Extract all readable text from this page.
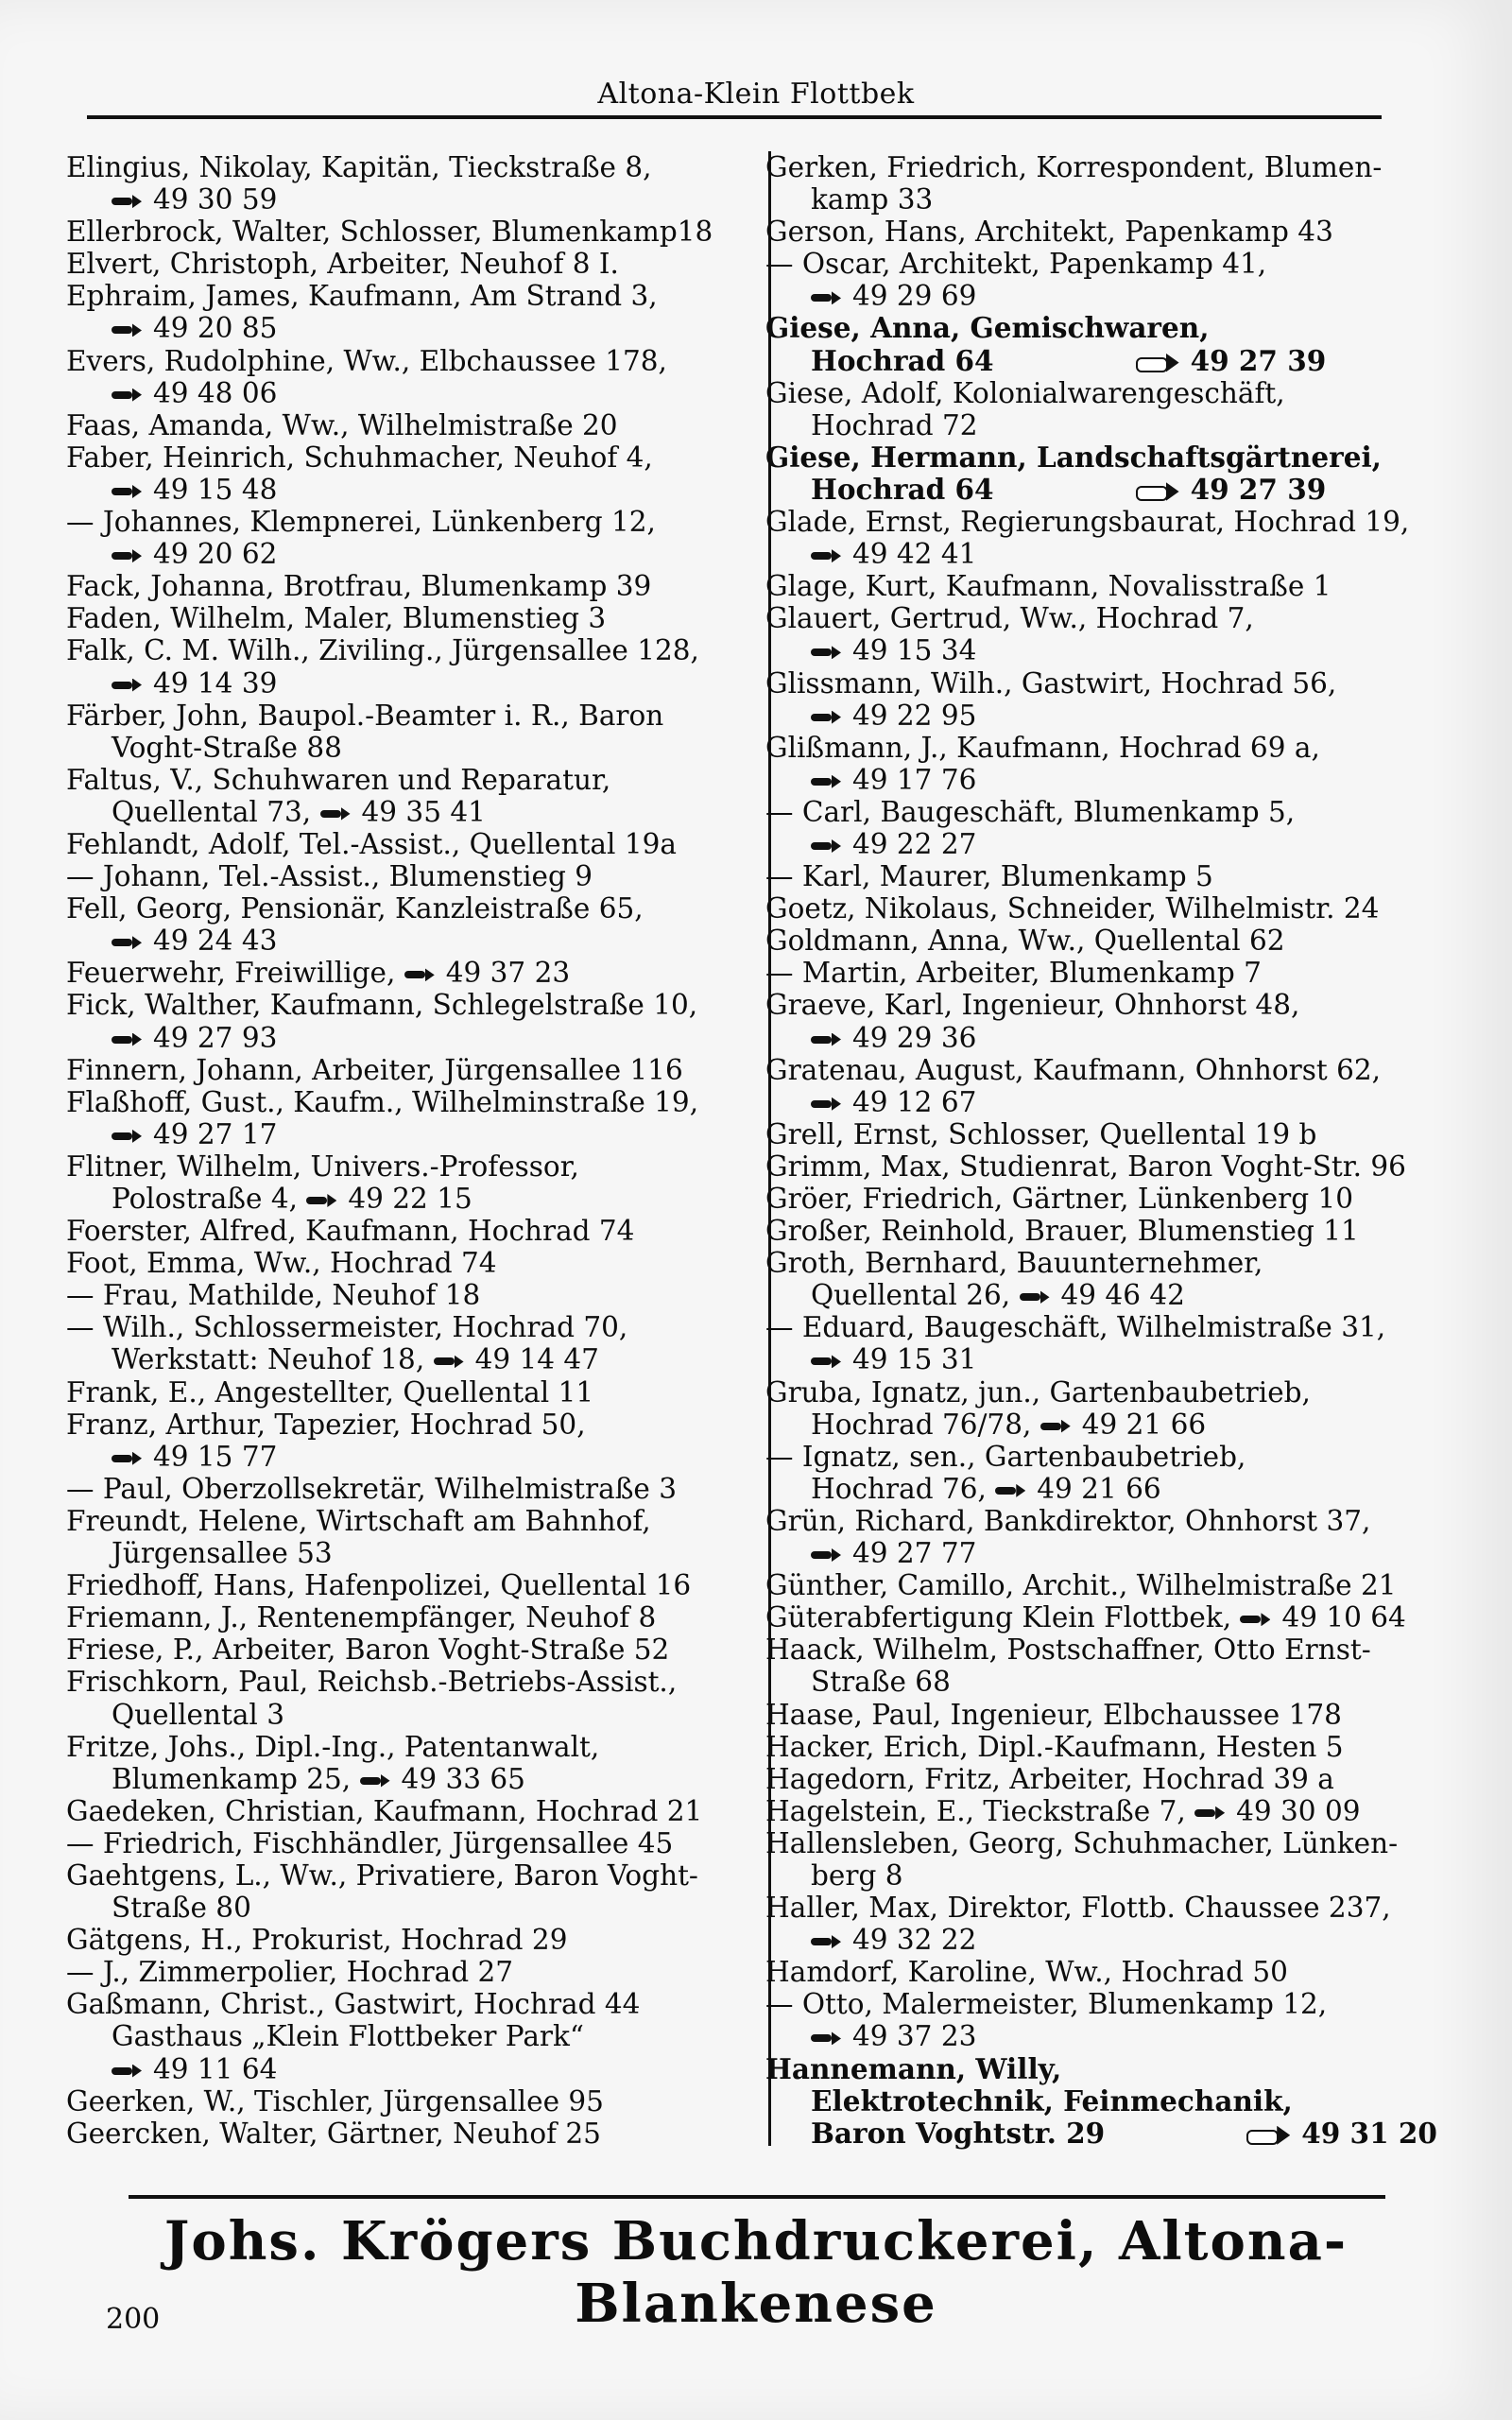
Altona-Klein Flottbek
Elingius, Nikolay, Kapitän, Tieckstraße 8,
49 30 59
Ellerbrock, Walter, Schlosser, Blumenkamp18
Elvert, Christoph, Arbeiter, Neuhof 8 I.
Ephraim, James, Kaufmann, Am Strand 3,
49 20 85
Evers, Rudolphine, Ww., Elbchaussee 178,
49 48 06
Faas, Amanda, Ww., Wilhelmistraße 20
Faber, Heinrich, Schuhmacher, Neuhof 4,
49 15 48
— Johannes, Klempnerei, Lünkenberg 12,
49 20 62
Fack, Johanna, Brotfrau, Blumenkamp 39
Faden, Wilhelm, Maler, Blumenstieg 3
Falk, C. M. Wilh., Ziviling., Jürgensallee 128,
49 14 39
Färber, John, Baupol.-Beamter i. R., Baron
Voght-Straße 88
Faltus, V., Schuhwaren und Reparatur,
Quellental 73, 49 35 41
Fehlandt, Adolf, Tel.-Assist., Quellental 19a
— Johann, Tel.-Assist., Blumenstieg 9
Fell, Georg, Pensionär, Kanzleistraße 65,
49 24 43
Feuerwehr, Freiwillige, 49 37 23
Fick, Walther, Kaufmann, Schlegelstraße 10,
49 27 93
Finnern, Johann, Arbeiter, Jürgensallee 116
Flaßhoff, Gust., Kaufm., Wilhelminstraße 19,
49 27 17
Flitner, Wilhelm, Univers.-Professor,
Polostraße 4, 49 22 15
Foerster, Alfred, Kaufmann, Hochrad 74
Foot, Emma, Ww., Hochrad 74
— Frau, Mathilde, Neuhof 18
— Wilh., Schlossermeister, Hochrad 70,
Werkstatt: Neuhof 18, 49 14 47
Frank, E., Angestellter, Quellental 11
Franz, Arthur, Tapezier, Hochrad 50,
49 15 77
— Paul, Oberzollsekretär, Wilhelmistraße 3
Freundt, Helene, Wirtschaft am Bahnhof,
Jürgensallee 53
Friedhoff, Hans, Hafenpolizei, Quellental 16
Friemann, J., Rentenempfänger, Neuhof 8
Friese, P., Arbeiter, Baron Voght-Straße 52
Frischkorn, Paul, Reichsb.-Betriebs-Assist.,
Quellental 3
Fritze, Johs., Dipl.-Ing., Patentanwalt,
Blumenkamp 25, 49 33 65
Gaedeken, Christian, Kaufmann, Hochrad 21
— Friedrich, Fischhändler, Jürgensallee 45
Gaehtgens, L., Ww., Privatiere, Baron Voght-
Straße 80
Gätgens, H., Prokurist, Hochrad 29
— J., Zimmerpolier, Hochrad 27
Gaßmann, Christ., Gastwirt, Hochrad 44
Gasthaus „Klein Flottbeker Park“
49 11 64
Geerken, W., Tischler, Jürgensallee 95
Geercken, Walter, Gärtner, Neuhof 25
Gerken, Friedrich, Korrespondent, Blumen-
kamp 33
Gerson, Hans, Architekt, Papenkamp 43
— Oscar, Architekt, Papenkamp 41,
49 29 69
Giese, Anna, Gemischwaren,
Hochrad 64	49 27 39
Giese, Adolf, Kolonialwarengeschäft,
Hochrad 72
Giese, Hermann, Landschaftsgärtnerei,
Hochrad 64	49 27 39
Glade, Ernst, Regierungsbaurat, Hochrad 19,
49 42 41
Glage, Kurt, Kaufmann, Novalisstraße 1
Glauert, Gertrud, Ww., Hochrad 7,
49 15 34
Glissmann, Wilh., Gastwirt, Hochrad 56,
49 22 95
Glißmann, J., Kaufmann, Hochrad 69 a,
49 17 76
— Carl, Baugeschäft, Blumenkamp 5,
49 22 27
— Karl, Maurer, Blumenkamp 5
Goetz, Nikolaus, Schneider, Wilhelmistr. 24
Goldmann, Anna, Ww., Quellental 62
— Martin, Arbeiter, Blumenkamp 7
Graeve, Karl, Ingenieur, Ohnhorst 48,
49 29 36
Gratenau, August, Kaufmann, Ohnhorst 62,
49 12 67
Grell, Ernst, Schlosser, Quellental 19 b
Grimm, Max, Studienrat, Baron Voght-Str. 96
Gröer, Friedrich, Gärtner, Lünkenberg 10
Großer, Reinhold, Brauer, Blumenstieg 11
Groth, Bernhard, Bauunternehmer,
Quellental 26, 49 46 42
— Eduard, Baugeschäft, Wilhelmistraße 31,
49 15 31
Gruba, Ignatz, jun., Gartenbaubetrieb,
Hochrad 76/78, 49 21 66
— Ignatz, sen., Gartenbaubetrieb,
Hochrad 76, 49 21 66
Grün, Richard, Bankdirektor, Ohnhorst 37,
49 27 77
Günther, Camillo, Archit., Wilhelmistraße 21
Güterabfertigung Klein Flottbek, 49 10 64
Haack, Wilhelm, Postschaffner, Otto Ernst-
Straße 68
Haase, Paul, Ingenieur, Elbchaussee 178
Hacker, Erich, Dipl.-Kaufmann, Hesten 5
Hagedorn, Fritz, Arbeiter, Hochrad 39 a
Hagelstein, E., Tieckstraße 7, 49 30 09
Hallensleben, Georg, Schuhmacher, Lünken-
berg 8
Haller, Max, Direktor, Flottb. Chaussee 237,
49 32 22
Hamdorf, Karoline, Ww., Hochrad 50
— Otto, Malermeister, Blumenkamp 12,
49 37 23
Hannemann, Willy,
Elektrotechnik, Feinmechanik,
Baron Voghtstr. 29	49 31 20
Johs. Krögers Buchdruckerei, Altona-Blankenese
200
